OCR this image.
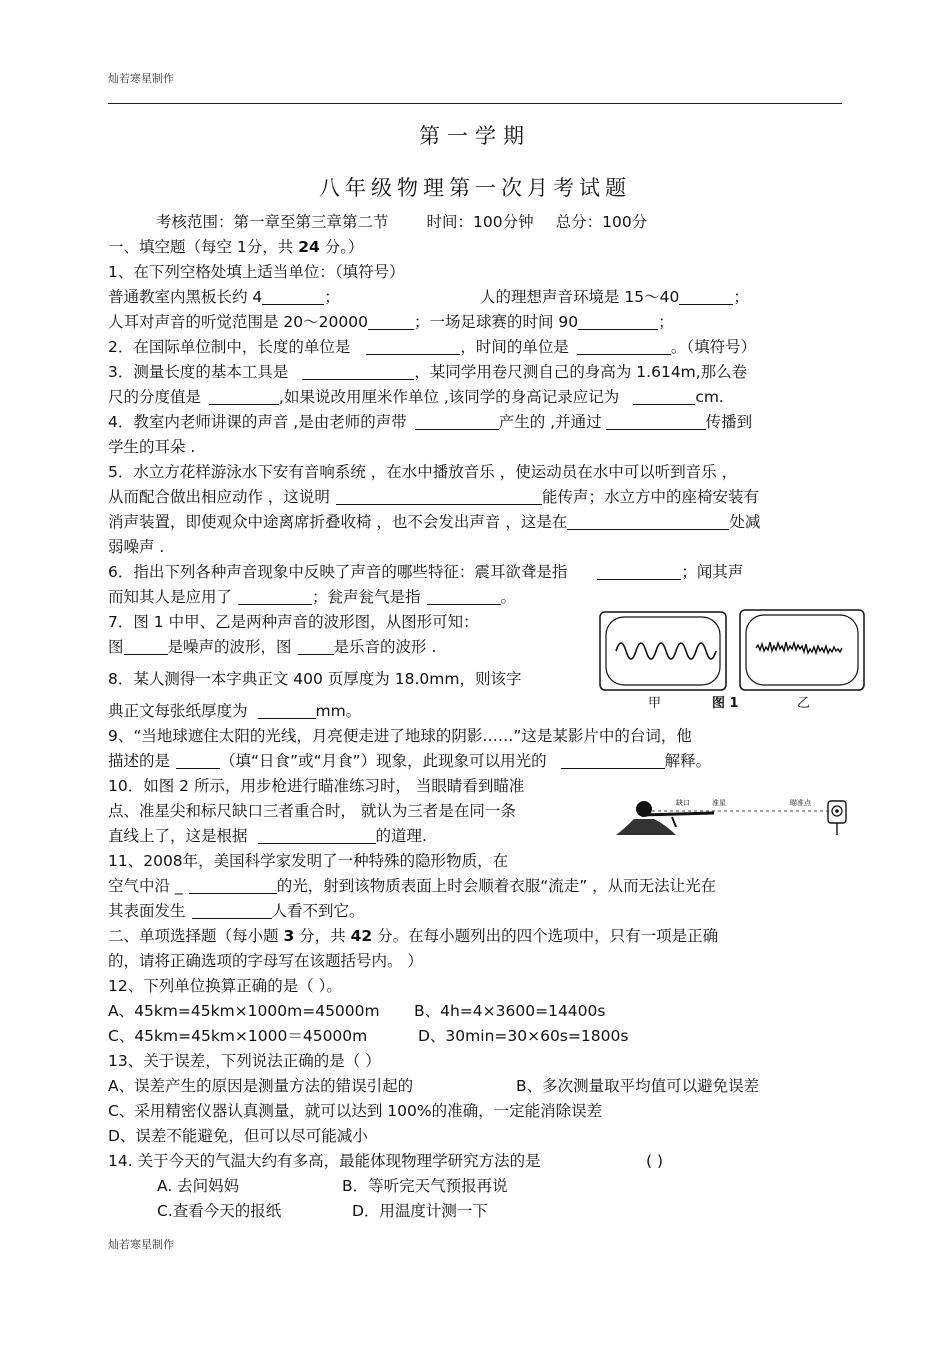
灿若寒星制作
第一学期
八年级物理第一次月考试题
考核范围：第一章至第三章第二节 时间：100分钟 总分：100分
一、填空题（每空 1分，共 24 分。）
1、在下列空格处填上适当单位：（填符号）
普通教室内黑板长约 4	；	人的理想声音环境是 15～40	；
人耳对声音的听觉范围是 20～20000	；一场足球赛的时间 90	；
2．在国际单位制中，长度的单位是	，时间的单位是	。（填符号）
3．测量长度的基本工具是	，某同学用卷尺测自己的身高为 1.614m,那么卷
尺的分度值是	,如果说改用厘米作单位 ,该同学的身高记录应记为	cm.
4．教室内老师讲课的声音 ,是由老师的声带	产生的 ,并通过	传播到
学生的耳朵 .
5．水立方花样游泳水下安有音响系统 ，在水中播放音乐 ，使运动员在水中可以听到音乐 ，
从而配合做出相应动作 ，这说明	能传声；水立方中的座椅安装有
消声装置，即使观众中途离席折叠收椅 ，也不会发出声音 ，这是在	处减
弱噪声 .
6．指出下列各种声音现象中反映了声音的哪些特征：震耳欲聋是指	；闻其声
而知其人是应用了	；瓮声瓮气是指	。
7．图 1 中甲、乙是两种声音的波形图，从图形可知：
图	是噪声的波形，图	是乐音的波形 .
8．某人测得一本字典正文 400 页厚度为 18.0mm，则该字
典正文每张纸厚度为	mm。	甲	图 1	乙
9、“当地球遮住太阳的光线，月亮便走进了地球的阴影……”这是某影片中的台词，他
描述的是	（填“日食”或“月食”）现象，此现象可以用光的	解释。
10．如图 2 所示，用步枪进行瞄准练习时， 当眼睛看到瞄准
点、准星尖和标尺缺口三者重合时， 就认为三者是在同一条
直线上了，这是根据	的道理.
缺口	准星	瞄准点
11、2008年，美国科学家发明了一种特殊的隐形物质，在
空气中沿 _	的光，射到该物质表面上时会顺着衣服“流走” ，从而无法让光在
其表面发生	人看不到它。
二、单项选择题（每小题 3 分，共 42 分。在每小题列出的四个选项中，只有一项是正确
的，请将正确选项的字母写在该题括号内。 ）
12、下列单位换算正确的是（ ）。
A、45km=45km×1000m=45000m B、4h=4×3600=14400s
C、45km=45km×1000＝45000m	D、30min=30×60s=1800s
13、关于误差，下列说法正确的是（ ）
A、误差产生的原因是测量方法的错误引起的	B、多次测量取平均值可以避免误差
C、采用精密仪器认真测量，就可以达到 100%的准确，一定能消除误差
D、误差不能避免，但可以尽可能减小
14. 关于今天的气温大约有多高，最能体现物理学研究方法的是	( )
A. 去问妈妈	B．等听完天气预报再说
C.查看今天的报纸	D．用温度计测一下
灿若寒星制作
